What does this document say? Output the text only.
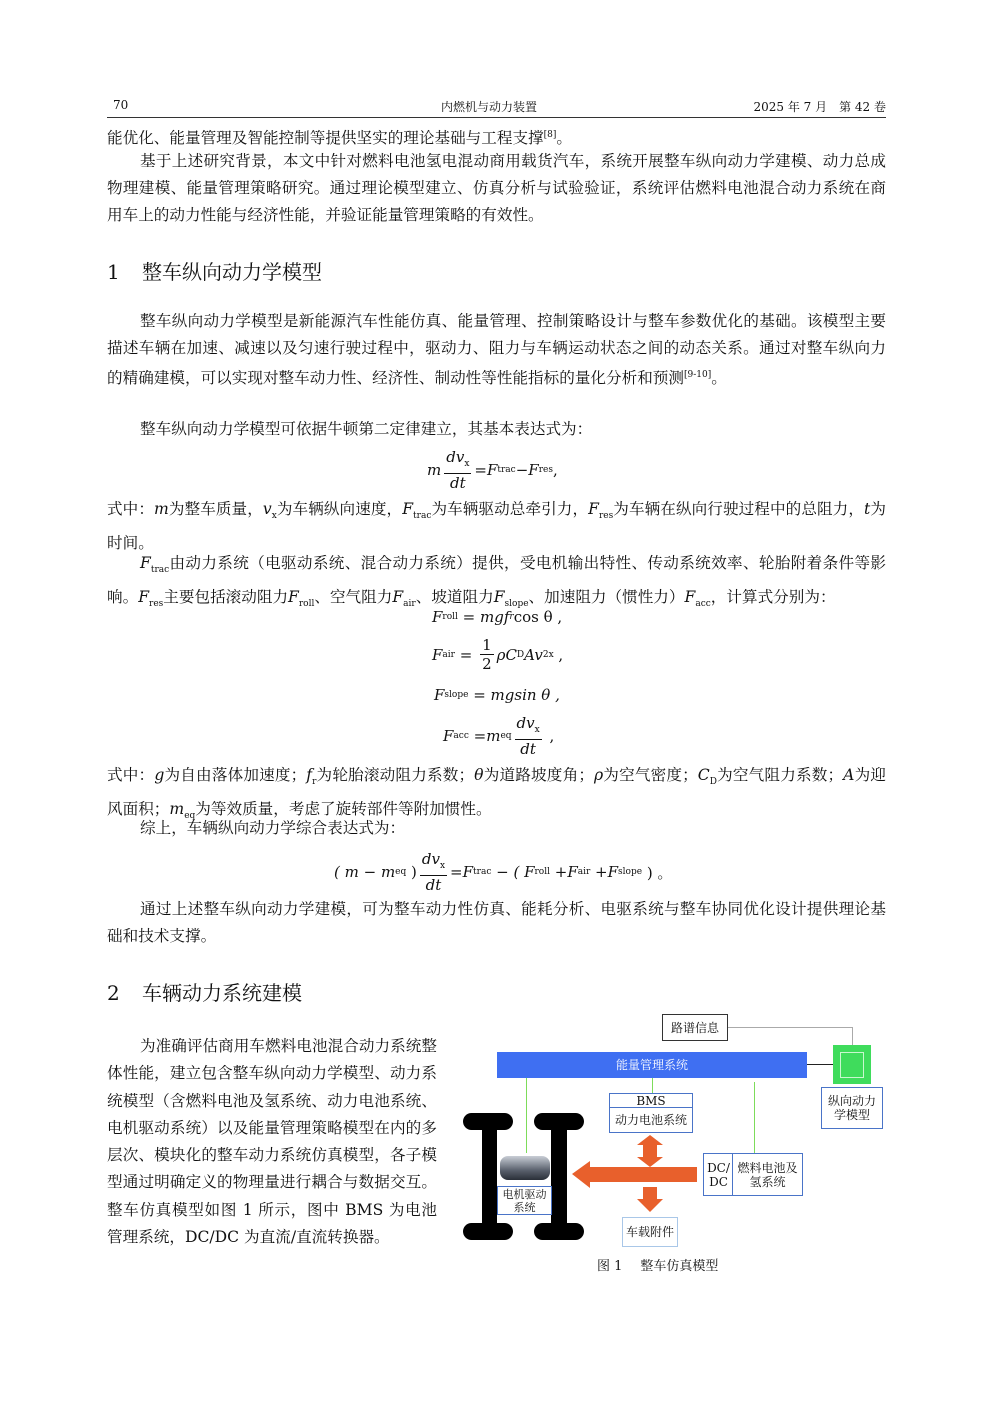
70	内燃机与动力装置	2025 年 7 月　第 42 卷
能优化、能量管理及智能控制等提供坚实的理论基础与工程支撑[8]。
基于上述研究背景，本文中针对燃料电池氢电混动商用载货汽车，系统开展整车纵向动力学建模、动力总成物理建模、能量管理策略研究。通过理论模型建立、仿真分析与试验验证，系统评估燃料电池混合动力系统在商用车上的动力性能与经济性能，并验证能量管理策略的有效性。
1 整车纵向动力学模型
整车纵向动力学模型是新能源汽车性能仿真、能量管理、控制策略设计与整车参数优化的基础。该模型主要描述车辆在加速、减速以及匀速行驶过程中，驱动力、阻力与车辆运动状态之间的动态关系。通过对整车纵向力的精确建模，可以实现对整车动力性、经济性、制动性等性能指标的量化分析和预测[9-10]。
整车纵向动力学模型可依据牛顿第二定律建立，其基本表达式为：
m $\frac{dv_x}{dt} =F$ trac −F res ,
式中：m为整车质量，$v_x$为车辆纵向速度，$F_{trac}$为车辆驱动总牵引力，$F_{res}$为车辆在纵向行驶过程中的总阻力，t为时间。
$F_{trac}$由动力系统（电驱动系统、混合动力系统）提供，受电机输出特性、传动系统效率、轮胎附着条件等影响。$F_{res}$主要包括滚动阻力$F_{roll}$、空气阻力$F_{air}$、坡道阻力$F_{slope}$、加速阻力（惯性力）$F_{acc}$，计算式分别为：
F roll = mgf r cos θ ,
F air = $\frac{1}{2}$ ρC D Av 2 x ,
F slope = mgsin θ ,
F acc =m eq $\frac{dv_x}{dt}$ ,
式中：g为自由落体加速度；$f_r$为轮胎滚动阻力系数；θ为道路坡度角；ρ为空气密度；$C_D$为空气阻力系数；A为迎风面积；$m_{eq}$为等效质量，考虑了旋转部件等附加惯性。
综上，车辆纵向动力学综合表达式为：
( m − m eq ) $\frac{dv_x}{dt} =F$ trac − ( F roll +F air +F slope ) 。
通过上述整车纵向动力学建模，可为整车动力性仿真、能耗分析、电驱系统与整车协同优化设计提供理论基础和技术支撑。
2 车辆动力系统建模
为准确评估商用车燃料电池混合动力系统整体性能，建立包含整车纵向动力学模型、动力系统模型（含燃料电池及氢系统、动力电池系统、电机驱动系统）以及能量管理策略模型在内的多层次、模块化的整车动力系统仿真模型，各子模型通过明确定义的物理量进行耦合与数据交互。整车仿真模型如图 1 所示，图中 BMS 为电池管理系统，DC/DC 为直流/直流转换器。
路谱信息
能量管理系统
纵向动力学模型
BMS
动力电池系统
电机驱动系统
DC/ DC
燃料电池及氢系统
车载附件
图 1 整车仿真模型
